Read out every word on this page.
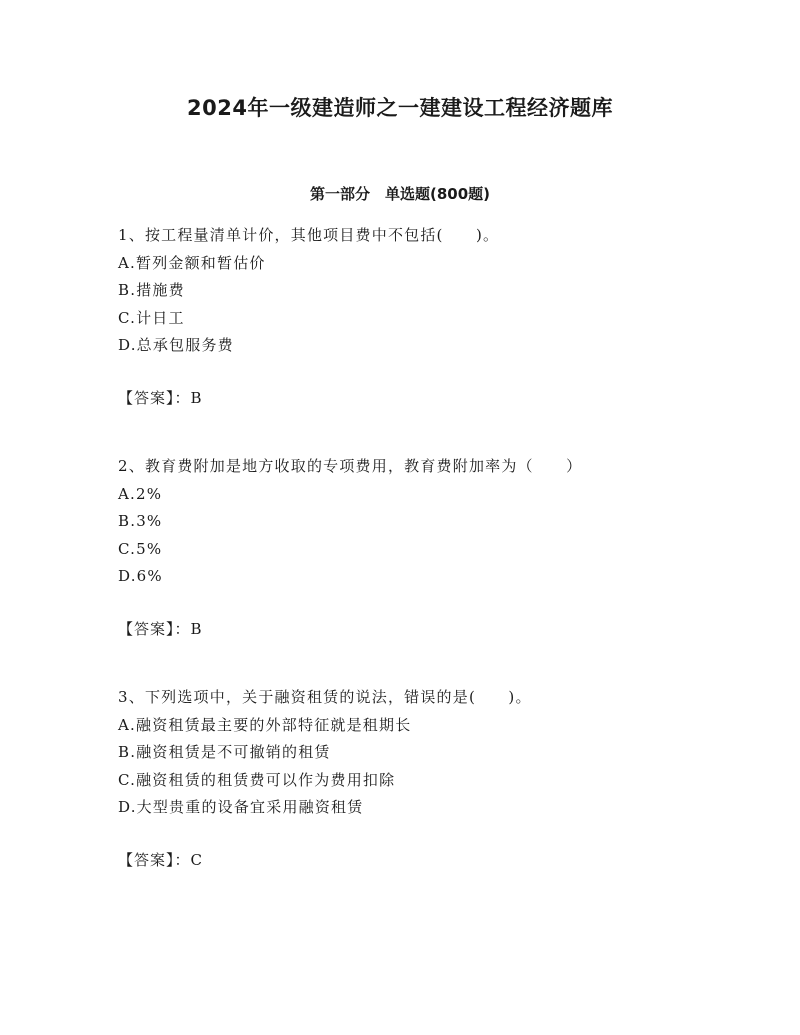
2024年一级建造师之一建建设工程经济题库
第一部分　单选题(800题)
1、按工程量清单计价，其他项目费中不包括(　　)。
A.暂列金额和暂估价
B.措施费
C.计日工
D.总承包服务费
【答案】：B
2、教育费附加是地方收取的专项费用，教育费附加率为（　　）
A.2%
B.3%
C.5%
D.6%
【答案】：B
3、下列选项中，关于融资租赁的说法，错误的是(　　)。
A.融资租赁最主要的外部特征就是租期长
B.融资租赁是不可撤销的租赁
C.融资租赁的租赁费可以作为费用扣除
D.大型贵重的设备宜采用融资租赁
【答案】：C
